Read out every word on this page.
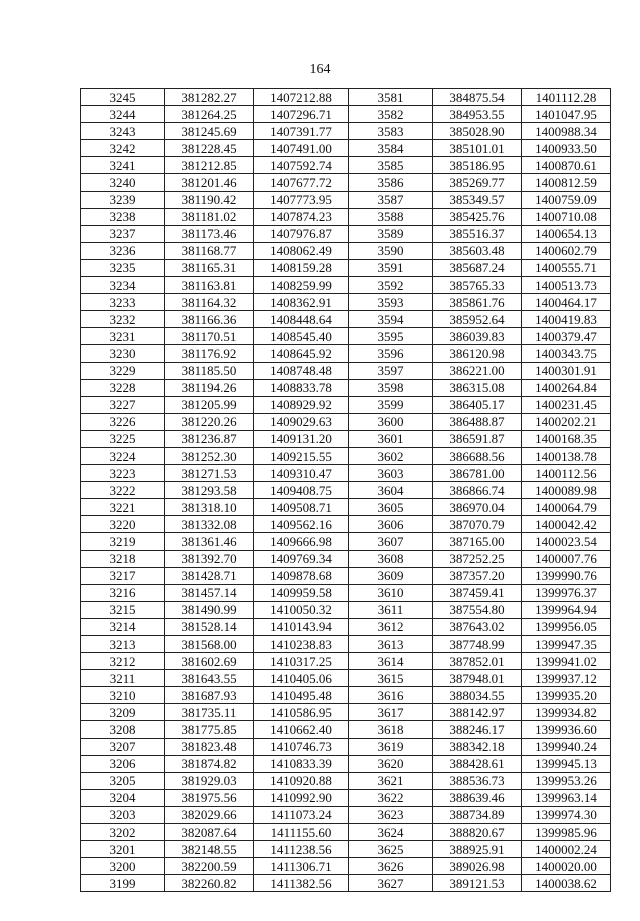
164
3245	381282.27	1407212.88	3581	384875.54	1401112.28
3244	381264.25	1407296.71	3582	384953.55	1401047.95
3243	381245.69	1407391.77	3583	385028.90	1400988.34
3242	381228.45	1407491.00	3584	385101.01	1400933.50
3241	381212.85	1407592.74	3585	385186.95	1400870.61
3240	381201.46	1407677.72	3586	385269.77	1400812.59
3239	381190.42	1407773.95	3587	385349.57	1400759.09
3238	381181.02	1407874.23	3588	385425.76	1400710.08
3237	381173.46	1407976.87	3589	385516.37	1400654.13
3236	381168.77	1408062.49	3590	385603.48	1400602.79
3235	381165.31	1408159.28	3591	385687.24	1400555.71
3234	381163.81	1408259.99	3592	385765.33	1400513.73
3233	381164.32	1408362.91	3593	385861.76	1400464.17
3232	381166.36	1408448.64	3594	385952.64	1400419.83
3231	381170.51	1408545.40	3595	386039.83	1400379.47
3230	381176.92	1408645.92	3596	386120.98	1400343.75
3229	381185.50	1408748.48	3597	386221.00	1400301.91
3228	381194.26	1408833.78	3598	386315.08	1400264.84
3227	381205.99	1408929.92	3599	386405.17	1400231.45
3226	381220.26	1409029.63	3600	386488.87	1400202.21
3225	381236.87	1409131.20	3601	386591.87	1400168.35
3224	381252.30	1409215.55	3602	386688.56	1400138.78
3223	381271.53	1409310.47	3603	386781.00	1400112.56
3222	381293.58	1409408.75	3604	386866.74	1400089.98
3221	381318.10	1409508.71	3605	386970.04	1400064.79
3220	381332.08	1409562.16	3606	387070.79	1400042.42
3219	381361.46	1409666.98	3607	387165.00	1400023.54
3218	381392.70	1409769.34	3608	387252.25	1400007.76
3217	381428.71	1409878.68	3609	387357.20	1399990.76
3216	381457.14	1409959.58	3610	387459.41	1399976.37
3215	381490.99	1410050.32	3611	387554.80	1399964.94
3214	381528.14	1410143.94	3612	387643.02	1399956.05
3213	381568.00	1410238.83	3613	387748.99	1399947.35
3212	381602.69	1410317.25	3614	387852.01	1399941.02
3211	381643.55	1410405.06	3615	387948.01	1399937.12
3210	381687.93	1410495.48	3616	388034.55	1399935.20
3209	381735.11	1410586.95	3617	388142.97	1399934.82
3208	381775.85	1410662.40	3618	388246.17	1399936.60
3207	381823.48	1410746.73	3619	388342.18	1399940.24
3206	381874.82	1410833.39	3620	388428.61	1399945.13
3205	381929.03	1410920.88	3621	388536.73	1399953.26
3204	381975.56	1410992.90	3622	388639.46	1399963.14
3203	382029.66	1411073.24	3623	388734.89	1399974.30
3202	382087.64	1411155.60	3624	388820.67	1399985.96
3201	382148.55	1411238.56	3625	388925.91	1400002.24
3200	382200.59	1411306.71	3626	389026.98	1400020.00
3199	382260.82	1411382.56	3627	389121.53	1400038.62
